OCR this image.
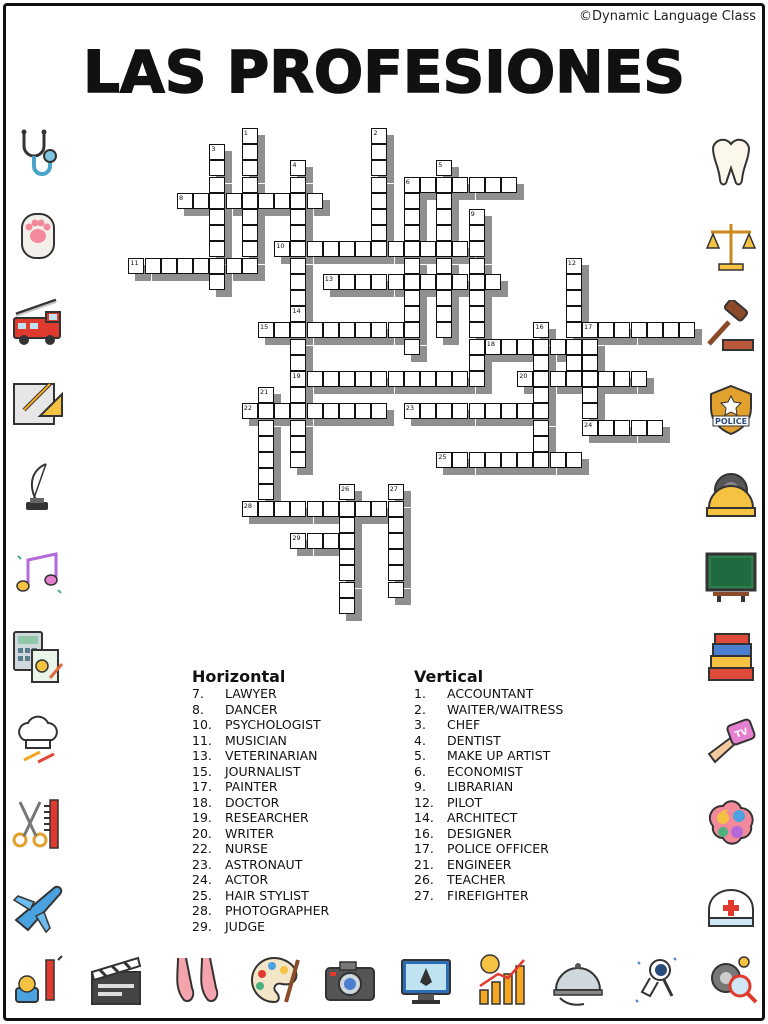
©Dynamic Language Class
LAS PROFESIONES
6
8
10
11
13
15	17
18
19	20
22	23
24
25
28
29
1	2
3
4	5
9
12
14
16
21
26	27
Horizontal
7.	LAWYER
8.	DANCER
10.	PSYCHOLOGIST
11.	MUSICIAN
13.	VETERINARIAN
15.	JOURNALIST
17.	PAINTER
18.	DOCTOR
19.	RESEARCHER
20.	WRITER
22.	NURSE
23.	ASTRONAUT
24.	ACTOR
25.	HAIR STYLIST
28.	PHOTOGRAPHER
29.	JUDGE
Vertical
1.	ACCOUNTANT
2.	WAITER/WAITRESS
3.	CHEF
4.	DENTIST
5.	MAKE UP ARTIST
6.	ECONOMIST
9.	LIBRARIAN
12.	PILOT
14.	ARCHITECT
16.	DESIGNER
17.	POLICE OFFICER
21.	ENGINEER
26.	TEACHER
27.	FIREFIGHTER
POLICE
TV
